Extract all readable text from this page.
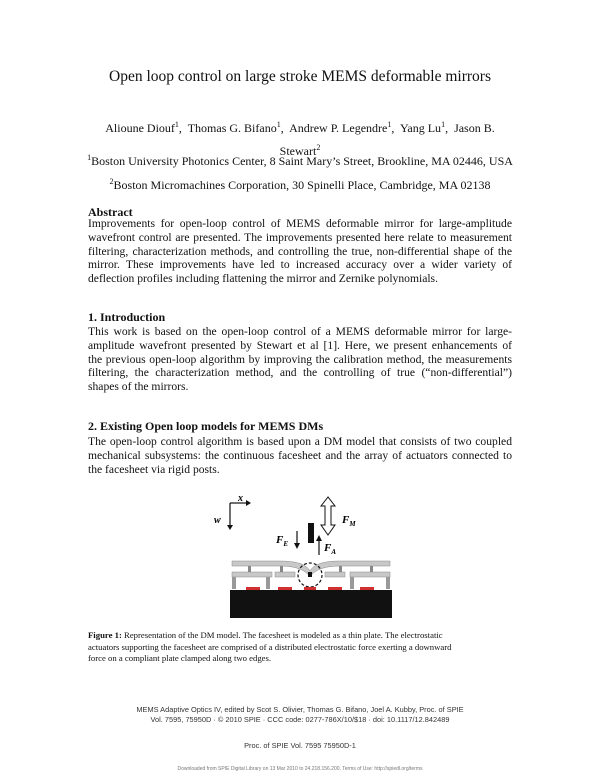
Open loop control on large stroke MEMS deformable mirrors
Alioune Diouf$^1$,  Thomas G. Bifano$^1$,  Andrew P. Legendre$^1$,  Yang Lu$^1$,  Jason B.
Stewart$^2$
$^1$Boston University Photonics Center, 8 Saint Mary’s Street, Brookline, MA 02446, USA
$^2$Boston Micromachines Corporation, 30 Spinelli Place, Cambridge, MA 02138
Abstract
Improvements for open-loop control of MEMS deformable mirror for large-amplitude
wavefront control are presented. The improvements presented here relate to measurement
filtering, characterization methods, and controlling the true, non-differential shape of the
mirror. These improvements have led to increased accuracy over a wider variety of
deflection profiles including flattening the mirror and Zernike polynomials.
1. Introduction
This work is based on the open-loop control of a MEMS deformable mirror for large-
amplitude wavefront presented by Stewart et al [1]. Here, we present enhancements of
the previous open-loop algorithm by improving the calibration method, the measurements
filtering, the characterization method, and the controlling of true (“non-differential”)
shapes of the mirrors.
2. Existing Open loop models for MEMS DMs
The open-loop control algorithm is based upon a DM model that consists of two coupled
mechanical subsystems: the continuous facesheet and the array of actuators connected to
the facesheet via rigid posts.
x
w	$F_M$
$F_E$	$F_A$
Figure 1: Representation of the DM model. The facesheet is modeled as a thin plate. The electrostatic
actuators supporting the facesheet are comprised of a distributed electrostatic force exerting a downward
force on a compliant plate clamped along two edges.
MEMS Adaptive Optics IV, edited by Scot S. Olivier, Thomas G. Bifano, Joel A. Kubby, Proc. of SPIE
Vol. 7595, 75950D · © 2010 SPIE · CCC code: 0277-786X/10/$18 · doi: 10.1117/12.842489
Proc. of SPIE Vol. 7595 75950D-1
Downloaded from SPIE Digital Library on 13 Mar 2010 to 24.218.156.200. Terms of Use: http://spiedl.org/terms
